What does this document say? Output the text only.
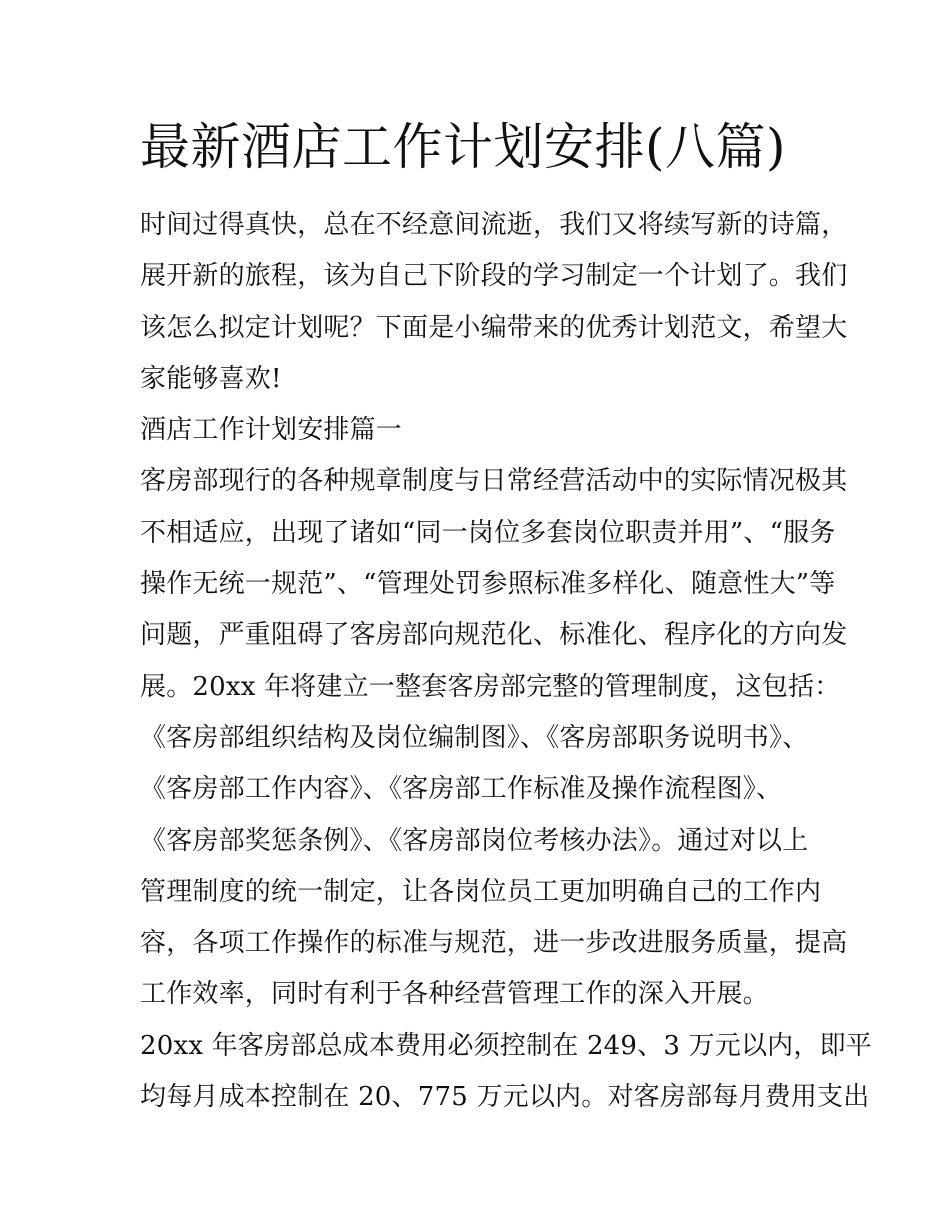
最新酒店工作计划安排(八篇)
时间过得真快，总在不经意间流逝，我们又将续写新的诗篇，
展开新的旅程，该为自己下阶段的学习制定一个计划了。我们
该怎么拟定计划呢？下面是小编带来的优秀计划范文，希望大
家能够喜欢!
酒店工作计划安排篇一
客房部现行的各种规章制度与日常经营活动中的实际情况极其
不相适应，出现了诸如“同一岗位多套岗位职责并用”、“服务
操作无统一规范”、“管理处罚参照标准多样化、随意性大”等
问题，严重阻碍了客房部向规范化、标准化、程序化的方向发
展。20xx 年将建立一整套客房部完整的管理制度，这包括：
《客房部组织结构及岗位编制图》、《客房部职务说明书》、
《客房部工作内容》、《客房部工作标准及操作流程图》、
《客房部奖惩条例》、《客房部岗位考核办法》。通过对以上
管理制度的统一制定，让各岗位员工更加明确自己的工作内
容，各项工作操作的标准与规范，进一步改进服务质量，提高
工作效率，同时有利于各种经营管理工作的深入开展。
20xx 年客房部总成本费用必须控制在 249、3 万元以内，即平
均每月成本控制在 20、775 万元以内。对客房部每月费用支出
